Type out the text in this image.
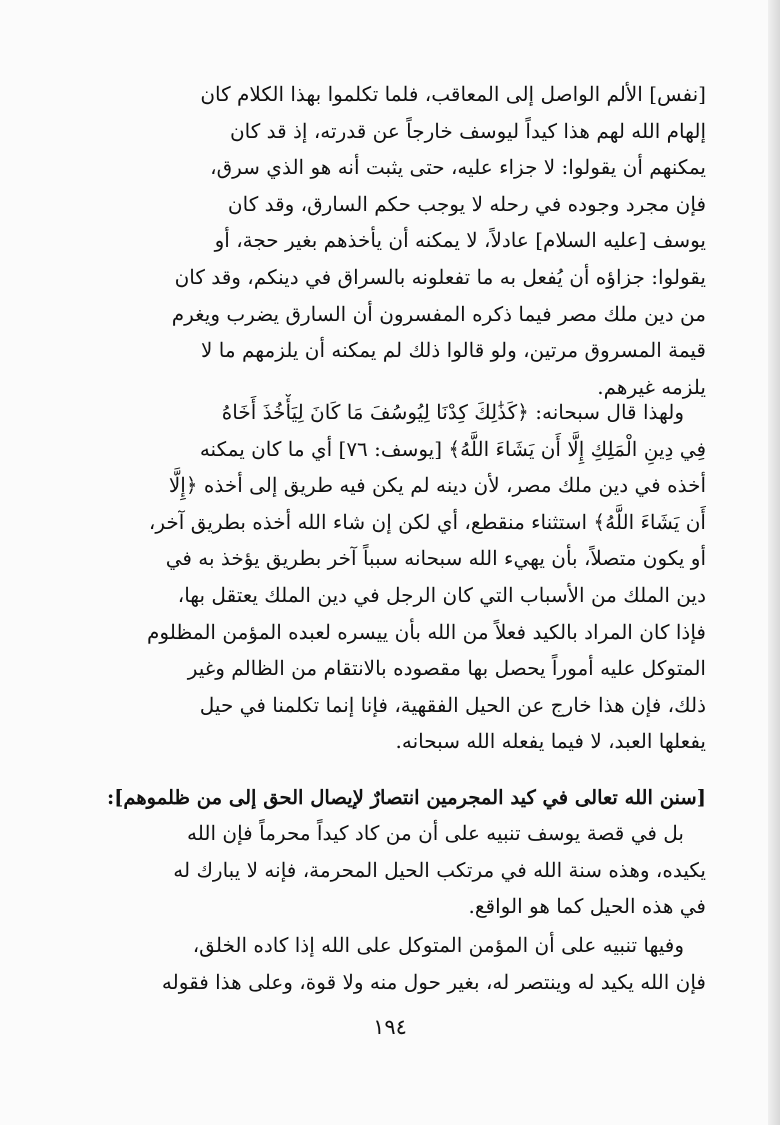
[نفس] الألم الواصل إلى المعاقب، فلما تكلموا بهذا الكلام كان
إلهام الله لهم هذا كيداً ليوسف خارجاً عن قدرته، إذ قد كان
يمكنهم أن يقولوا: لا جزاء عليه، حتى يثبت أنه هو الذي سرق،
فإن مجرد وجوده في رحله لا يوجب حكم السارق، وقد كان
يوسف [عليه السلام] عادلاً، لا يمكنه أن يأخذهم بغير حجة، أو
يقولوا: جزاؤه أن يُفعل به ما تفعلونه بالسراق في دينكم، وقد كان
من دين ملك مصر فيما ذكره المفسرون أن السارق يضرب ويغرم
قيمة المسروق مرتين، ولو قالوا ذلك لم يمكنه أن يلزمهم ما لا
يلزمه غيرهم.
ولهذا قال سبحانه: ﴿كَذَٰلِكَ كِدْنَا لِيُوسُفَ مَا كَانَ لِيَأْخُذَ أَخَاهُ
فِي دِينِ الْمَلِكِ إِلَّا أَن يَشَاءَ اللَّهُ﴾ [يوسف: ٧٦] أي ما كان يمكنه
أخذه في دين ملك مصر، لأن دينه لم يكن فيه طريق إلى أخذه ﴿إِلَّا
أَن يَشَاءَ اللَّهُ﴾ استثناء منقطع، أي لكن إن شاء الله أخذه بطريق آخر،
أو يكون متصلاً، بأن يهيء الله سبحانه سبباً آخر بطريق يؤخذ به في
دين الملك من الأسباب التي كان الرجل في دين الملك يعتقل بها،
فإذا كان المراد بالكيد فعلاً من الله بأن ييسره لعبده المؤمن المظلوم
المتوكل عليه أموراً يحصل بها مقصوده بالانتقام من الظالم وغير
ذلك، فإن هذا خارج عن الحيل الفقهية، فإنا إنما تكلمنا في حيل
يفعلها العبد، لا فيما يفعله الله سبحانه.
[سنن الله تعالى في كيد المجرمين انتصارٌ لإيصال الحق إلى من ظلموهم]:
بل في قصة يوسف تنبيه على أن من كاد كيداً محرماً فإن الله
يكيده، وهذه سنة الله في مرتكب الحيل المحرمة، فإنه لا يبارك له
في هذه الحيل كما هو الواقع.
وفيها تنبيه على أن المؤمن المتوكل على الله إذا كاده الخلق،
فإن الله يكيد له وينتصر له، بغير حول منه ولا قوة، وعلى هذا فقوله
١٩٤
